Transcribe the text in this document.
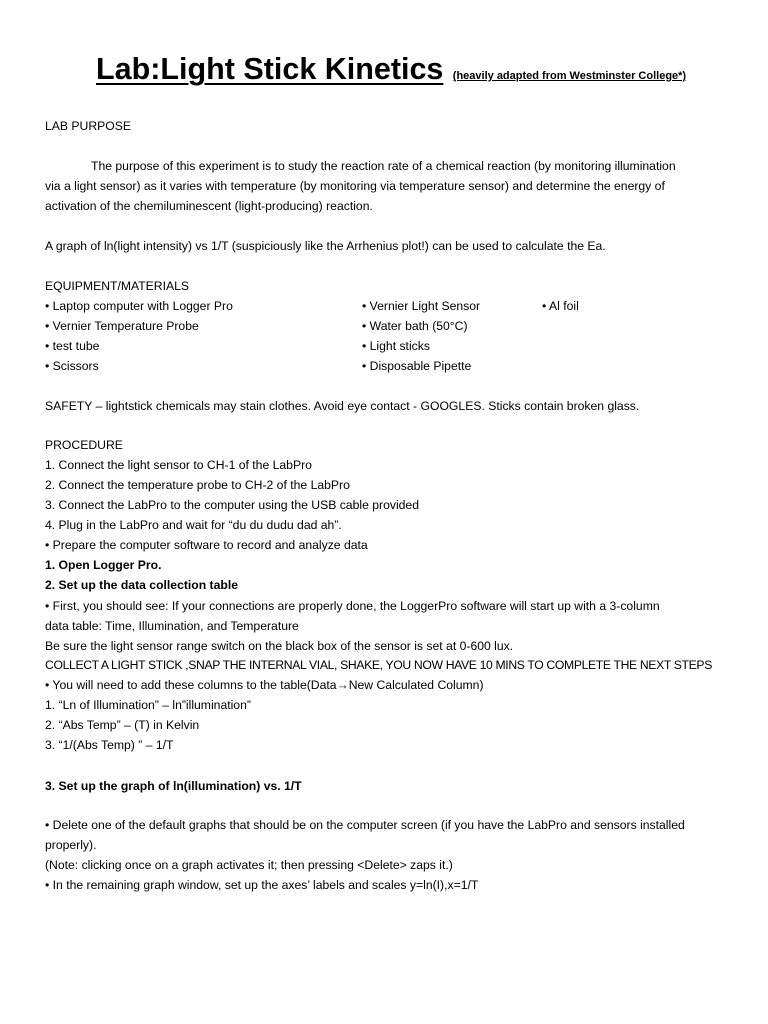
Lab:Light Stick Kinetics (heavily adapted from Westminster College*)
LAB PURPOSE
The purpose of this experiment is to study the reaction rate of a chemical reaction (by monitoring illumination
via a light sensor) as it varies with temperature (by monitoring via temperature sensor) and determine the energy of
activation of the chemiluminescent (light-producing) reaction.
A graph of ln(light intensity) vs 1/T (suspiciously like the Arrhenius plot!) can be used to calculate the Ea.
EQUIPMENT/MATERIALS
• Laptop computer with Logger Pro
• Vernier Temperature Probe
• test tube
• Scissors
• Vernier Light Sensor
• Water bath (50°C)
• Light sticks
• Disposable Pipette
• Al foil
SAFETY – lightstick chemicals may stain clothes. Avoid eye contact - GOOGLES. Sticks contain broken glass.
PROCEDURE
1. Connect the light sensor to CH-1 of the LabPro
2. Connect the temperature probe to CH-2 of the LabPro
3. Connect the LabPro to the computer using the USB cable provided
4. Plug in the LabPro and wait for “du du dudu dad ah”.
• Prepare the computer software to record and analyze data
1. Open Logger Pro.
2. Set up the data collection table
• First, you should see: If your connections are properly done, the LoggerPro software will start up with a 3-column
data table: Time, Illumination, and Temperature
Be sure the light sensor range switch on the black box of the sensor is set at 0-600 lux.
COLLECT A LIGHT STICK ,SNAP THE INTERNAL VIAL, SHAKE, YOU NOW HAVE 10 MINS TO COMPLETE THE NEXT STEPS
• You will need to add these columns to the table(Data→New Calculated Column)
1. “Ln of Illumination” – ln”illumination”
2. “Abs Temp” – (T) in Kelvin
3. “1/(Abs Temp) ” – 1/T
3. Set up the graph of ln(illumination) vs. 1/T
• Delete one of the default graphs that should be on the computer screen (if you have the LabPro and sensors installed
properly).
(Note: clicking once on a graph activates it; then pressing <Delete> zaps it.)
• In the remaining graph window, set up the axes’ labels and scales y=ln(I),x=1/T
